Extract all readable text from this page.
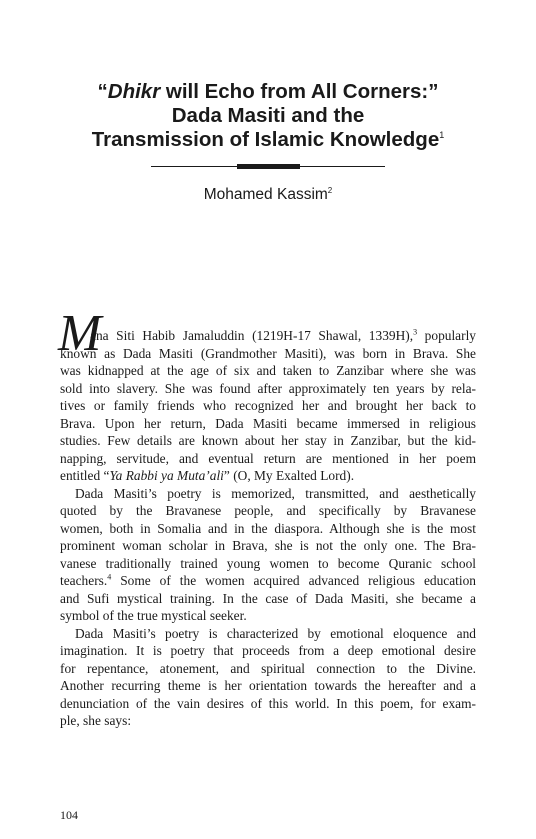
“Dhikr will Echo from All Corners:”
Dada Masiti and the
Transmission of Islamic Knowledge$^1$
Mohamed Kassim$^2$
M
ana Siti Habib Jamaluddin (1219H-17 Shawal, 1339H),$^3$ popularly
known as Dada Masiti (Grandmother Masiti), was born in Brava. She
was kidnapped at the age of six and taken to Zanzibar where she was
sold into slavery. She was found after approximately ten years by rela-
tives or family friends who recognized her and brought her back to
Brava. Upon her return, Dada Masiti became immersed in religious
studies. Few details are known about her stay in Zanzibar, but the kid-
napping, servitude, and eventual return are mentioned in her poem
entitled “Ya Rabbi ya Muta’ali” (O, My Exalted Lord).
Dada Masiti’s poetry is memorized, transmitted, and aesthetically
quoted by the Bravanese people, and specifically by Bravanese
women, both in Somalia and in the diaspora. Although she is the most
prominent woman scholar in Brava, she is not the only one. The Bra-
vanese traditionally trained young women to become Quranic school
teachers.$^4$ Some of the women acquired advanced religious education
and Sufi mystical training. In the case of Dada Masiti, she became a
symbol of the true mystical seeker.
Dada Masiti’s poetry is characterized by emotional eloquence and
imagination. It is poetry that proceeds from a deep emotional desire
for repentance, atonement, and spiritual connection to the Divine.
Another recurring theme is her orientation towards the hereafter and a
denunciation of the vain desires of this world. In this poem, for exam-
ple, she says:
104
